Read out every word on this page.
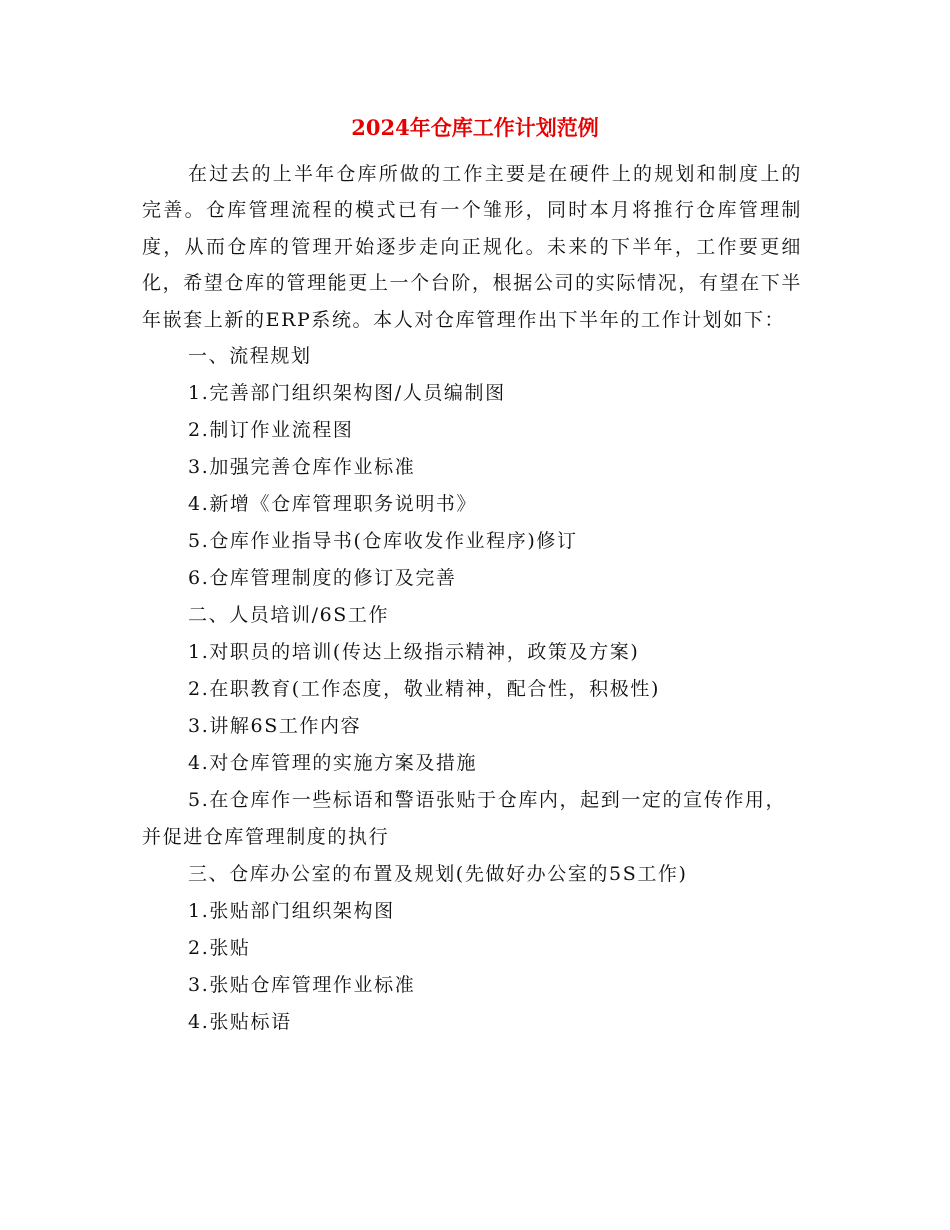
2024年仓库工作计划范例

在过去的上半年仓库所做的工作主要是在硬件上的规划和制度上的完善。仓库管理流程的模式已有一个雏形，同时本月将推行仓库管理制度，从而仓库的管理开始逐步走向正规化。未来的下半年，工作要更细化，希望仓库的管理能更上一个台阶，根据公司的实际情况，有望在下半年嵌套上新的ERP系统。本人对仓库管理作出下半年的工作计划如下：

一、流程规划
1.完善部门组织架构图/人员编制图
2.制订作业流程图
3.加强完善仓库作业标准
4.新增《仓库管理职务说明书》
5.仓库作业指导书(仓库收发作业程序)修订
6.仓库管理制度的修订及完善
二、人员培训/6S工作
1.对职员的培训(传达上级指示精神，政策及方案)
2.在职教育(工作态度，敬业精神，配合性，积极性)
3.讲解6S工作内容
4.对仓库管理的实施方案及措施
5.在仓库作一些标语和警语张贴于仓库内，起到一定的宣传作用，并促进仓库管理制度的执行
三、仓库办公室的布置及规划(先做好办公室的5S工作)
1.张贴部门组织架构图
2.张贴
3.张贴仓库管理作业标准
4.张贴标语
